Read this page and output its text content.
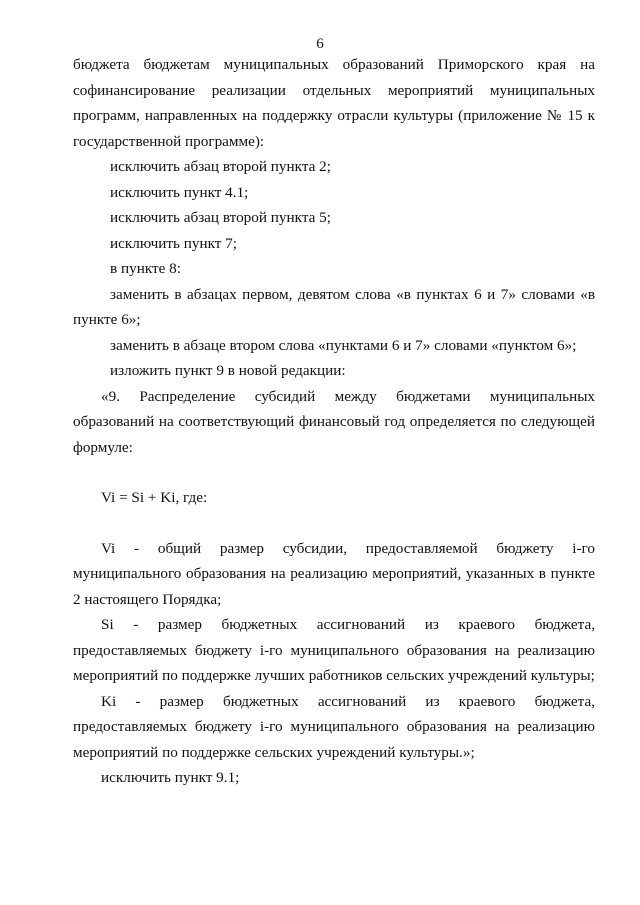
6

бюджета бюджетам муниципальных образований Приморского края на софинансирование реализации отдельных мероприятий муниципальных программ, направленных на поддержку отрасли культуры (приложение № 15 к государственной программе):

исключить абзац второй пункта 2;

исключить пункт 4.1;

исключить абзац второй пункта 5;

исключить пункт 7;

в пункте 8:

заменить в абзацах первом, девятом слова «в пунктах 6 и 7» словами «в пункте 6»;

заменить в абзаце втором слова «пунктами 6 и 7» словами «пунктом 6»;

изложить пункт 9 в новой редакции:

«9. Распределение субсидий между бюджетами муниципальных образований на соответствующий финансовый год определяется по следующей формуле:

Vi = Si + Ki, где:

Vi - общий размер субсидии, предоставляемой бюджету i-го муниципального образования на реализацию мероприятий, указанных в пункте 2 настоящего Порядка;

Si - размер бюджетных ассигнований из краевого бюджета, предоставляемых бюджету i-го муниципального образования на реализацию мероприятий по поддержке лучших работников сельских учреждений культуры;

Ki - размер бюджетных ассигнований из краевого бюджета, предоставляемых бюджету i-го муниципального образования на реализацию мероприятий по поддержке сельских учреждений культуры.»;

исключить пункт 9.1;
